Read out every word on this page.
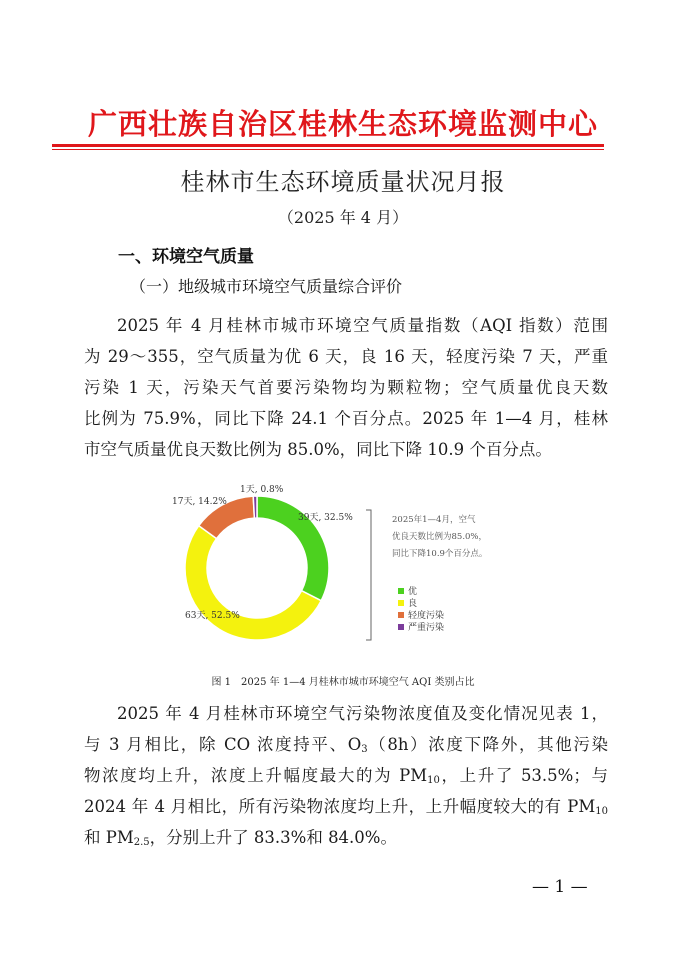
广西壮族自治区桂林生态环境监测中心
桂林市生态环境质量状况月报
（2025 年 4 月）
一、环境空气质量
（一）地级城市环境空气质量综合评价
2025 年 4 月桂林市城市环境空气质量指数（AQI 指数）范围
为 29～355，空气质量为优 6 天，良 16 天，轻度污染 7 天，严重
污染 1 天，污染天气首要污染物均为颗粒物；空气质量优良天数
比例为 75.9%，同比下降 24.1 个百分点。2025 年 1—4 月，桂林
市空气质量优良天数比例为 85.0%，同比下降 10.9 个百分点。
39天, 32.5%
63天, 52.5%
17天, 14.2%
1天, 0.8%
2025年1—4月，空气
优良天数比例为85.0%，
同比下降10.9个百分点。
优
良
轻度污染
严重污染
图 1　2025 年 1—4 月桂林市城市环境空气 AQI 类别占比
2025 年 4 月桂林市环境空气污染物浓度值及变化情况见表 1，
与 3 月相比，除 CO 浓度持平、$O_3(8h)$浓度下降外，其他污染
物浓度均上升，浓度上升幅度最大的为 $PM_{10}$，上升了 53.5%；与
2024 年 4 月相比，所有污染物浓度均上升，上升幅度较大的有 $PM_{10}$
和 $PM_{2.5}$，分别上升了 83.3%和 84.0%。
— 1 —
